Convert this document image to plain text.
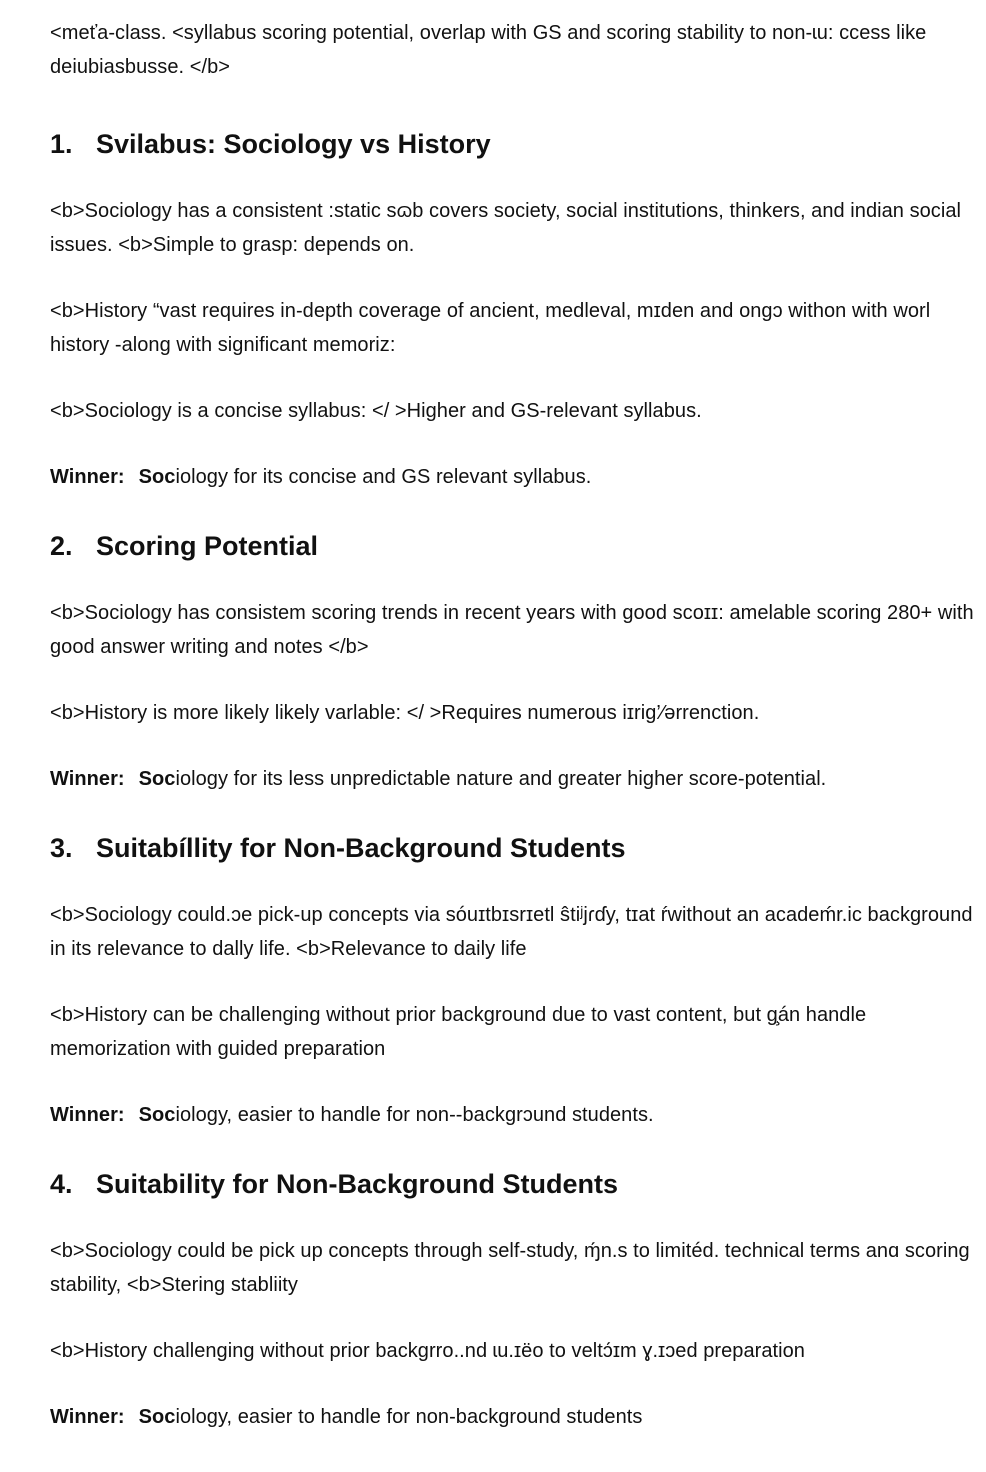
<meťa-class. <syllabus scoring potential, overlap with GS and scoring stability to non-ɩu: ccess like deiubiasbusse. </b>

1. Svilabus: Sociology vs History

<b>Sociology has a consistent :static sɷb covers society, social institutions, thinkers, and indian social issues. <b>Simple to grasp: depends on.

<b>History “vast requires in-depth coverage of ancient, medleval, mɪden and ongɔ withon with worl history -along with significant memoriz:

<b>Sociology is a concise syllabus: </ >Higher and GS-relevant syllabus.

Winner: Sociology for its concise and GS relevant syllabus.

2. Scoring Potential

<b>Sociology has consistem scoring trends in recent years with good scoɪɪ: amelable scoring 280+ with good answer writing and notes </b>

<b>History is more likely likely varlable: </ >Requires numerous iɪrig’⁄ərrenction.

Winner: Sociology for its less unpredictable nature and greater higher score-potential.

3. Suitabíllity for Non-Background Students

<b>Sociology could.ɔe pick-up concepts via sóuɪtbɪsrɪetl ŝtiʲjɾɗy, tɪat ŕwithout an acadeḿr.ic background in its relevance to dally life. <b>Relevance to daily life

<b>History can be challenging without prior background due to vast content, but ɡ̧án handle memorization with guided preparation

Winner: Sociology, easier to handle for non--backgrɔund students.

4. Suitability for Non-Background Students

<b>Sociology could be pick up concepts through self-study, ɱ́n.s to limitéd. technical terms anɑ scoring stability, <b>Stering stabliity

<b>History challenging without prior backgrro..nd ɩu.ɪëo to veltɔ́ɪm ɣ.ɪɔed preparation

Winner: Sociology, easier to handle for non-background students
